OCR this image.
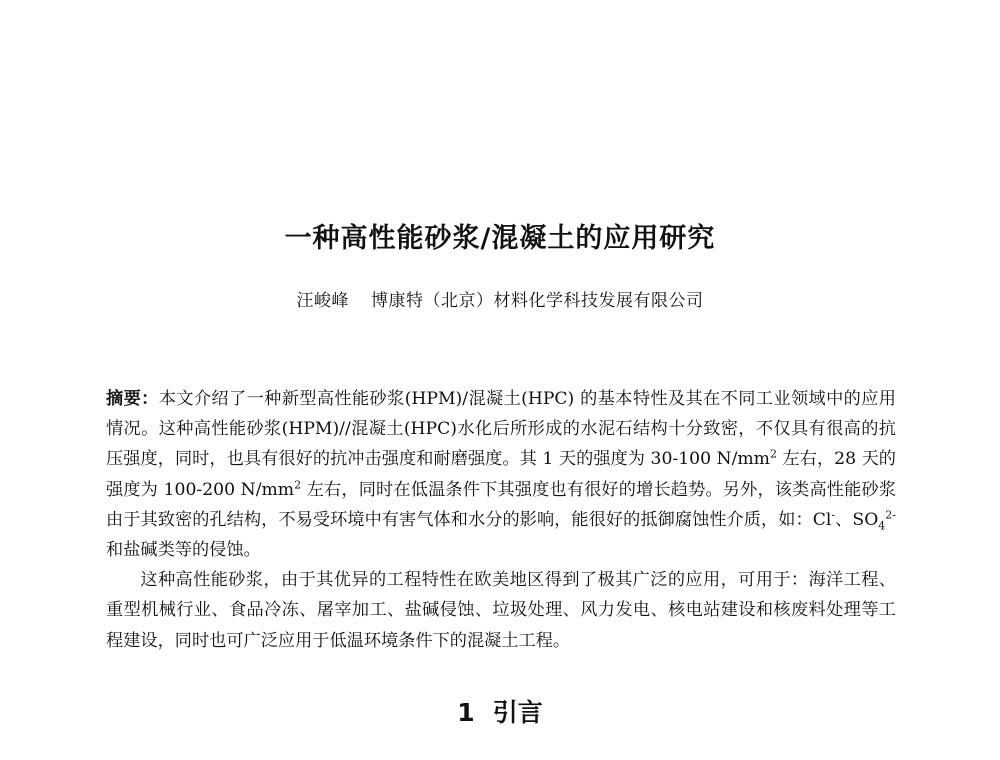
一种高性能砂浆/混凝土的应用研究
汪峻峰 博康特（北京）材料化学科技发展有限公司

摘要：本文介绍了一种新型高性能砂浆(HPM)/混凝土(HPC) 的基本特性及其在不同工业领域中的应用情况。这种高性能砂浆(HPM)//混凝土(HPC)水化后所形成的水泥石结构十分致密，不仅具有很高的抗压强度，同时，也具有很好的抗冲击强度和耐磨强度。其 1 天的强度为 30-100 $N/mm^2$ 左右，28 天的强度为 100-200 $N/mm^2$ 左右，同时在低温条件下其强度也有很好的增长趋势。另外，该类高性能砂浆由于其致密的孔结构，不易受环境中有害气体和水分的影响，能很好的抵御腐蚀性介质，如：Cl-、$SO_4^{2-}$和盐碱类等的侵蚀。

这种高性能砂浆，由于其优异的工程特性在欧美地区得到了极其广泛的应用，可用于：海洋工程、重型机械行业、食品冷冻、屠宰加工、盐碱侵蚀、垃圾处理、风力发电、核电站建设和核废料处理等工程建设，同时也可广泛应用于低温环境条件下的混凝土工程。

1 引言
